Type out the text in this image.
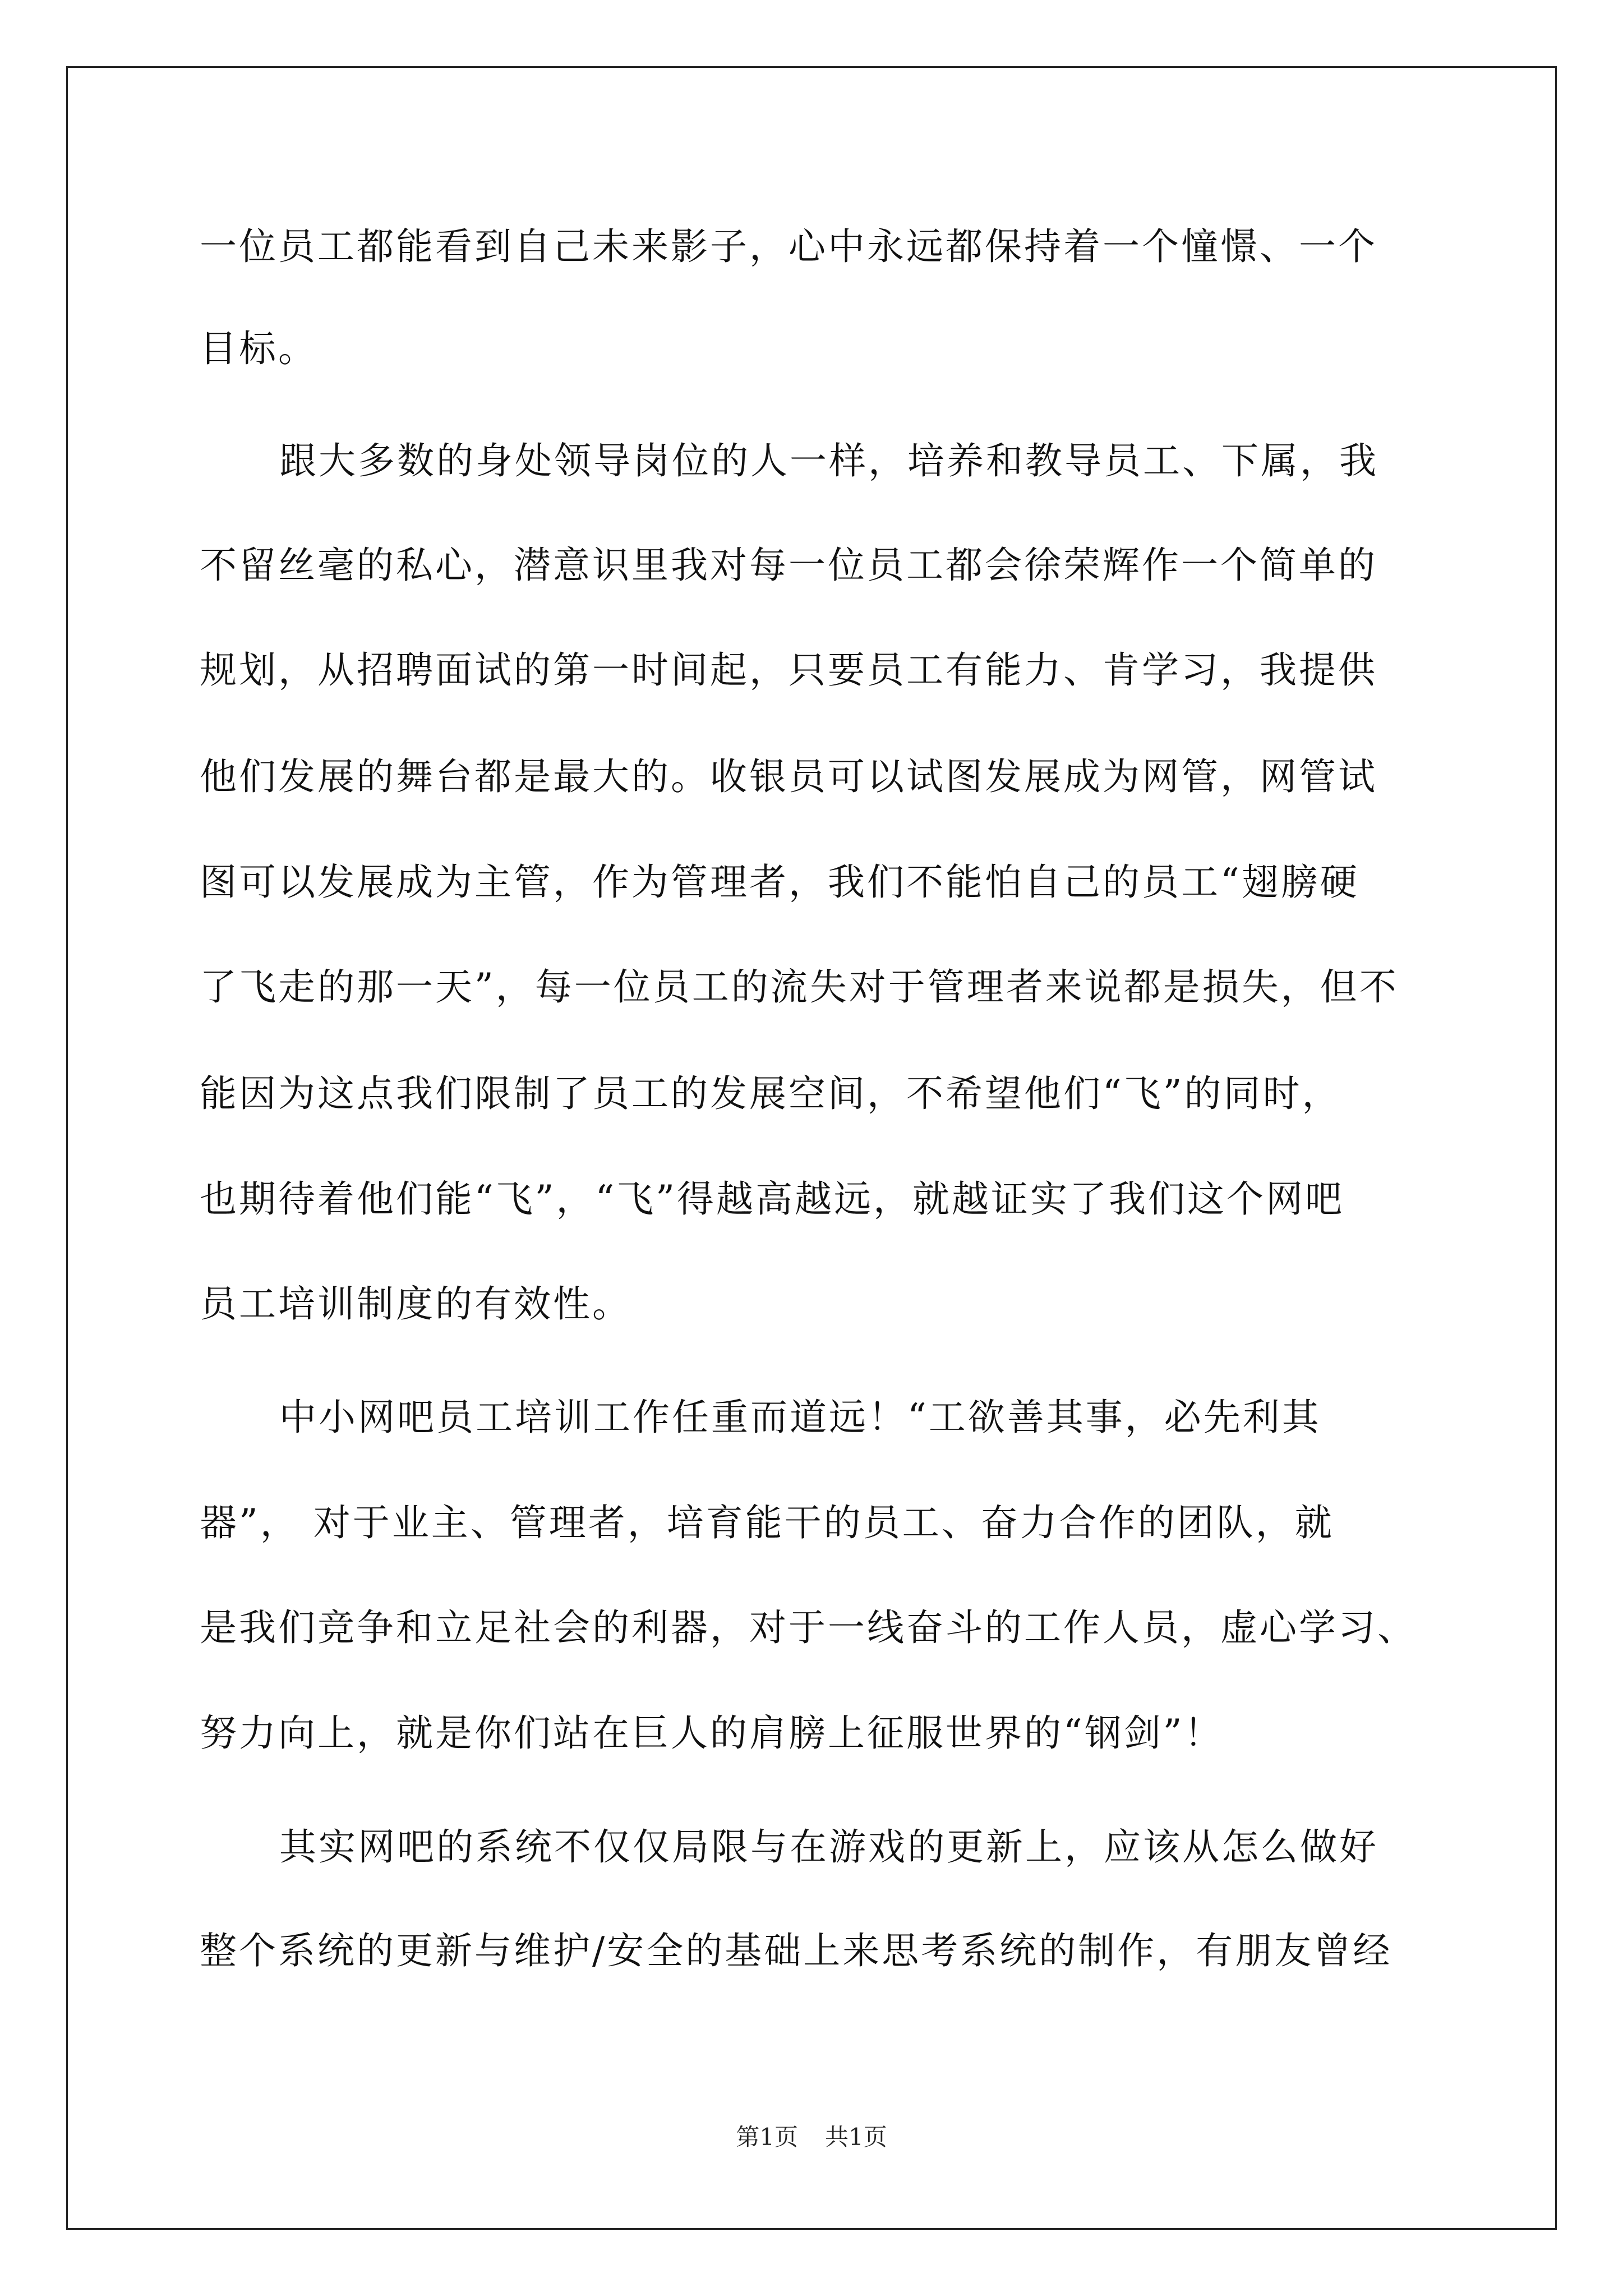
一位员工都能看到自己未来影子，心中永远都保持着一个憧憬、一个
目标。
跟大多数的身处领导岗位的人一样，培养和教导员工、下属，我
不留丝毫的私心，潜意识里我对每一位员工都会徐荣辉作一个简单的
规划，从招聘面试的第一时间起，只要员工有能力、肯学习，我提供
他们发展的舞台都是最大的。收银员可以试图发展成为网管，网管试
图可以发展成为主管，作为管理者，我们不能怕自己的员工“翅膀硬
了飞走的那一天”，每一位员工的流失对于管理者来说都是损失，但不
能因为这点我们限制了员工的发展空间，不希望他们“飞”的同时，
也期待着他们能“飞”，“飞”得越高越远，就越证实了我们这个网吧
员工培训制度的有效性。
中小网吧员工培训工作任重而道远！“工欲善其事，必先利其
器”， 对于业主、管理者，培育能干的员工、奋力合作的团队，就
是我们竞争和立足社会的利器，对于一线奋斗的工作人员，虚心学习、
努力向上，就是你们站在巨人的肩膀上征服世界的“钢剑”！
其实网吧的系统不仅仅局限与在游戏的更新上，应该从怎么做好
整个系统的更新与维护/安全的基础上来思考系统的制作，有朋友曾经
第1页 共1页
